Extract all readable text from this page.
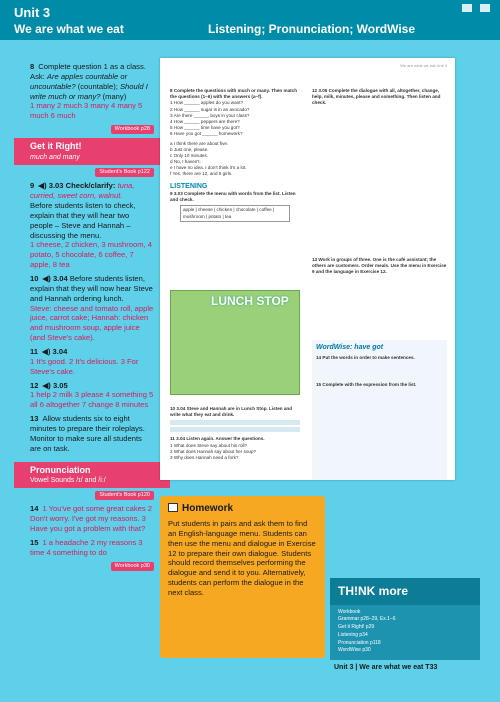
Unit 3
We are what we eat	Listening; Pronunciation; WordWise

8 Complete question 1 as a class. Ask: Are apples countable or uncountable? (countable); Should I write much or many? (many)

1 many 2 much 3 many 4 many 5 much 6 much

Workbook p28
Get it Right!
much and many
Student's Book p122

9 ◀) 3.03 Check/clarify: tuna, curried, sweet corn, walnut.

Before students listen to check, explain that they will hear two people – Steve and Hannah – discussing the menu.

1 cheese, 2 chicken, 3 mushroom, 4 potato, 5 chocolate, 6 coffee, 7 apple, 8 tea

10 ◀) 3.04 Before students listen, explain that they will now hear Steve and Hannah ordering lunch.

Steve: cheese and tomato roll, apple juice, carrot cake; Hannah: chicken and mushroom soup, apple juice (and Steve's cake).

11 ◀) 3.04

1 It's good. 2 It's delicious. 3 For Steve's cake.

12 ◀) 3.05

1 help 2 milk 3 please 4 something 5 all 6 altogether 7 change 8 minutes

13 Allow students six to eight minutes to prepare their roleplays. Monitor to make sure all students are on task.

Pronunciation
Vowel Sounds /ɪ/ and /iː/
Student's Book p120

14 1 You've got some great cakes 2 Don't worry. I've got my reasons. 3 Have you got a problem with that?

15 1 a headache 2 my reasons 3 time 4 something to do

Workbook p30
We are what we eat Unit 3

8 Complete the questions with much or many. Then match the questions (1–6) with the answers (a–f).

1 How ______ apples do you want?

2 How ______ sugar is in an avocado?

3 Are there ______ boys in your class?

4 How ______ peppers are there?

5 How ______ time have you got?

6 Have you got ______ homework?

a I think there are about five.

b Just one, please.

c Only 10 minutes.

d No, I haven't.

e I have no idea. I don't think it's a lot.

f Yes, there are 12, and 5 girls.

LISTENING

9 3.03 Complete the menu with words from the list. Listen and check.

apple | cheese | chicken | chocolate | coffee | mushroom | potato | tea

LUNCH STOP

10 3.04 Steve and Hannah are in Lunch Stop. Listen and write what they eat and drink.

11 3.04 Listen again. Answer the questions.

1 What does Steve say about his roll?

2 What does Hannah say about her soup?

3 Why does Hannah need a fork?

12 3.05 Complete the dialogue with all, altogether, change, help, milk, minutes, please and something. Then listen and check.

13 Work in groups of three. One is the café assistant; the others are customers. Order meals. Use the menu in Exercise 9 and the language in Exercise 12.

WordWise: have got

14 Put the words in order to make sentences.

15 Complete with the expression from the list.

Homework

Put students in pairs and ask them to find an English-language menu. Students can then use the menu and dialogue in Exercise 12 to prepare their own dialogue. Students should record themselves performing the dialogue and send it to you. Alternatively, students can perform the dialogue in the next class.	TH!NK more
Workbook
Grammar p28–29, Ex.1–6
Get it Right! p29
Listening p34
Pronunciation p118
WordWise p30
Unit 3 | We are what we eat T33
